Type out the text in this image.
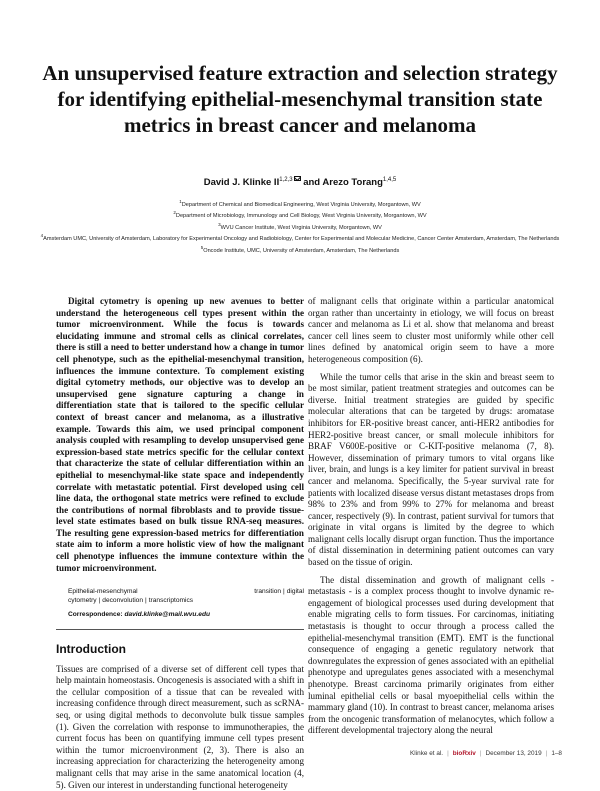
An unsupervised feature extraction and selection strategy for identifying epithelial-mesenchymal transition state metrics in breast cancer and melanoma
David J. Klinke II$^{1,2,3}$ and Arezo Torang$^{1,4,5}$
$^1$Department of Chemical and Biomedical Engineering, West Virginia University, Morgantown, WV
$^2$Department of Microbiology, Immunology and Cell Biology, West Virginia University, Morgantown, WV
$^3$WVU Cancer Institute, West Virginia University, Morgantown, WV
$^4$Amsterdam UMC, University of Amsterdam, Laboratory for Experimental Oncology and Radiobiology, Center for Experimental and Molecular Medicine, Cancer Center Amsterdam, Amsterdam, The Netherlands
$^5$Oncode Institute, UMC, University of Amsterdam, Amsterdam, The Netherlands

Digital cytometry is opening up new avenues to better understand the heterogeneous cell types present within the tumor microenvironment. While the focus is towards elucidating immune and stromal cells as clinical correlates, there is still a need to better understand how a change in tumor cell phenotype, such as the epithelial-mesenchymal transition, influences the immune contexture. To complement existing digital cytometry methods, our objective was to develop an unsupervised gene signature capturing a change in differentiation state that is tailored to the specific cellular context of breast cancer and melanoma, as a illustrative example. Towards this aim, we used principal component analysis coupled with resampling to develop unsupervised gene expression-based state metrics specific for the cellular context that characterize the state of cellular differentiation within an epithelial to mesenchymal-like state space and independently correlate with metastatic potential. First developed using cell line data, the orthogonal state metrics were refined to exclude the contributions of normal fibroblasts and to provide tissue-level state estimates based on bulk tissue RNA-seq measures. The resulting gene expression-based metrics for differentiation state aim to inform a more holistic view of how the malignant cell phenotype influences the immune contexture within the tumor microenvironment.

Epithelial-mesenchymal transition | digital cytometry | deconvolution | transcriptomics
Correspondence: david.klinke@mail.wvu.edu
Introduction

Tissues are comprised of a diverse set of different cell types that help maintain homeostasis. Oncogenesis is associated with a shift in the cellular composition of a tissue that can be revealed with increasing confidence through direct measurement, such as scRNA-seq, or using digital methods to deconvolute bulk tissue samples (1). Given the correlation with response to immunotherapies, the current focus has been on quantifying immune cell types present within the tumor microenvironment (2, 3). There is also an increasing appreciation for characterizing the heterogeneity among malignant cells that may arise in the same anatomical location (4, 5). Given our interest in understanding functional heterogeneity

of malignant cells that originate within a particular anatomical organ rather than uncertainty in etiology, we will focus on breast cancer and melanoma as Li et al. show that melanoma and breast cancer cell lines seem to cluster most uniformly while other cell lines defined by anatomical origin seem to have a more heterogeneous composition (6).

While the tumor cells that arise in the skin and breast seem to be most similar, patient treatment strategies and outcomes can be diverse. Initial treatment strategies are guided by specific molecular alterations that can be targeted by drugs: aromatase inhibitors for ER-positive breast cancer, anti-HER2 antibodies for HER2-positive breast cancer, or small molecule inhibitors for BRAF V600E-positive or C-KIT-positive melanoma (7, 8). However, dissemination of primary tumors to vital organs like liver, brain, and lungs is a key limiter for patient survival in breast cancer and melanoma. Specifically, the 5-year survival rate for patients with localized disease versus distant metastases drops from 98% to 23% and from 99% to 27% for melanoma and breast cancer, respectively (9). In contrast, patient survival for tumors that originate in vital organs is limited by the degree to which malignant cells locally disrupt organ function. Thus the importance of distal dissemination in determining patient outcomes can vary based on the tissue of origin.

The distal dissemination and growth of malignant cells - metastasis - is a complex process thought to involve dynamic re-engagement of biological processes used during development that enable migrating cells to form tissues. For carcinomas, initiating metastasis is thought to occur through a process called the epithelial-mesenchymal transition (EMT). EMT is the functional consequence of engaging a genetic regulatory network that downregulates the expression of genes associated with an epithelial phenotype and upregulates genes associated with a mesenchymal phenotype. Breast carcinoma primarily originates from either luminal epithelial cells or basal myoepithelial cells within the mammary gland (10). In contrast to breast cancer, melanoma arises from the oncogenic transformation of melanocytes, which follow a different developmental trajectory along the neural

Klinke et al. | bioRxiv | December 13, 2019 | 1–8
